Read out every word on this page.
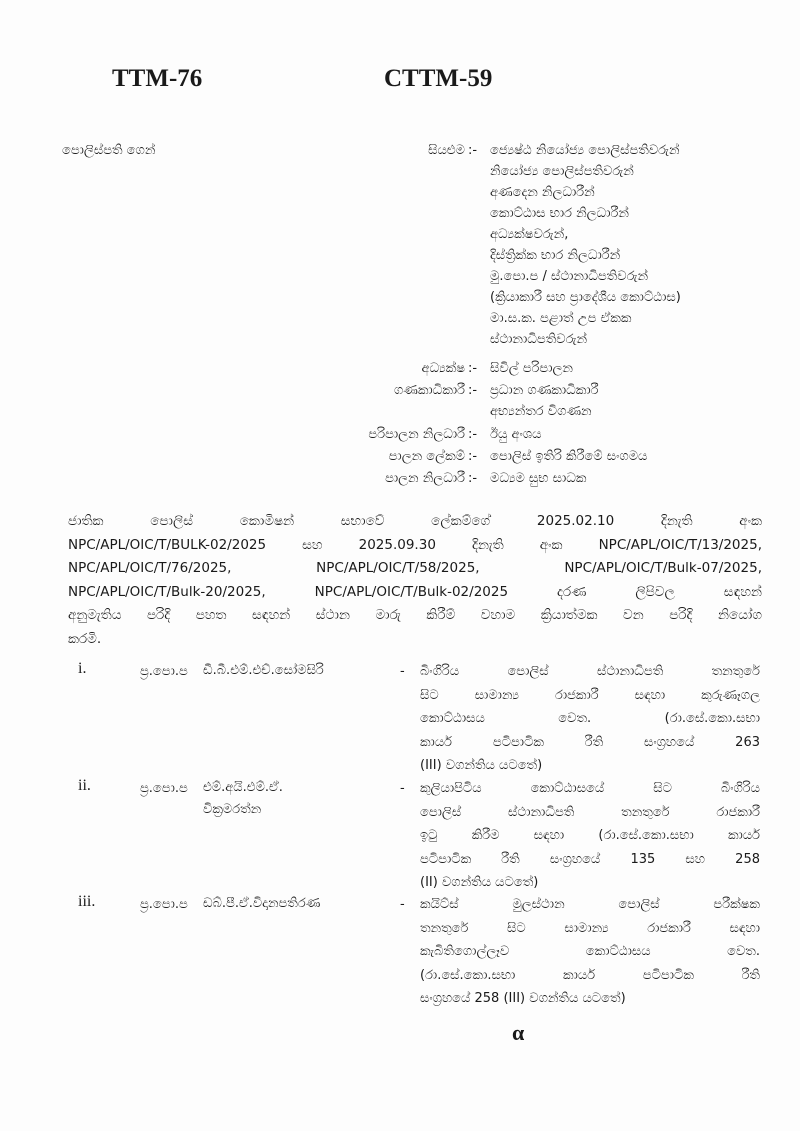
TTM-76	CTTM-59
පොලිස්පති ගෙන්	සියළුම :- ජ්‍යෙෂ්ඨ නියෝජ්‍ය පොලිස්පතිවරුන්
නියෝජ්‍ය පොලිස්පතිවරුන්
අණදෙන නිලධාරීන්
කොට්ඨාස භාර නිලධාරීන්
අධ්‍යක්ෂවරුන්,
දිස්ත්‍රික්ක භාර නිලධාරීන්
මු.පො.ප / ස්ථානාධිපතිවරුන්
(ක්‍රියාකාරී සහ ප්‍රාදේශීය කොට්ඨාස)
මා.ස.ක. පළාත් උප ඒකක
ස්ථානාධිපතිවරුන්
අධ්‍යක්ෂ :- සිවිල් පරිපාලන
ගණකාධිකාරී :- ප්‍රධාන ගණකාධිකාරී
අභ්‍යන්තර විගණන
පරිපාලන නිලධාරී :- ඊයු අංශය
පාලන ලේකම් :- පොලිස් ඉතිරි කිරීමේ සංගමය
පාලන නිලධාරී :- මධ්‍යම සුභ සාධක
ජාතික පොලිස් කොමිෂන් සභාවේ ලේකම්ගේ 2025.02.10 දිනැති අංක
NPC/APL/OIC/T/BULK-02/2025 සහ 2025.09.30 දිනැති අංක NPC/APL/OIC/T/13/2025,
NPC/APL/OIC/T/76/2025, NPC/APL/OIC/T/58/2025, NPC/APL/OIC/T/Bulk-07/2025,
NPC/APL/OIC/T/Bulk-20/2025, NPC/APL/OIC/T/Bulk-02/2025 දරණ ලිපිවල සඳහන්
අනුමැතිය පරිදි පහත සඳහන් ස්ථාන මාරු කිරීම් වහාම ක්‍රියාත්මක වන පරිදි නියෝග
කරමි.
i.	ප්‍ර.පො.ප ඩී.බී.එම්.එච්.සෝමසිරි	- බිංගිරිය පොලිස් ස්ථානාධිපති තනතුරේ
සිට සාමාන්‍ය රාජකාරී සඳහා කුරුණෑගල
කොට්ඨාසය වෙත. (රා.සේ.කො.සභා
කාර්ය පටිපාටික රීති සංග්‍රහයේ 263
(III) වගන්තිය යටතේ)
ii.	ප්‍ර.පො.ප එම්.අයි.එම්.ඒ.
වික්‍රමරත්න
- කුලියාපිටිය කොට්ඨාසයේ සිට බිංගිරිය
පොලිස් ස්ථානාධිපති තනතුරේ රාජකාරී
ඉටු කිරීම සඳහා (රා.සේ.කො.සභා කාර්ය
පටිපාටික රීති සංග්‍රහයේ 135 සහ 258
(II) වගන්තිය යටතේ)
iii.	ප්‍ර.පො.ප ඩබ්.පී.ඒ.විදානපතිරණ	- කයිට්ස් මුලස්ථාන පොලිස් පරීක්ෂක
තනතුරේ සිට සාමාන්‍ය රාජකාරී සඳහා
කැබිතිගොල්ලෑව කොට්ඨාසය වෙත.
(රා.සේ.කො.සභා කාර්ය පටිපාටික රීති
සංග්‍රහයේ 258 (III) වගන්තිය යටතේ)
α
